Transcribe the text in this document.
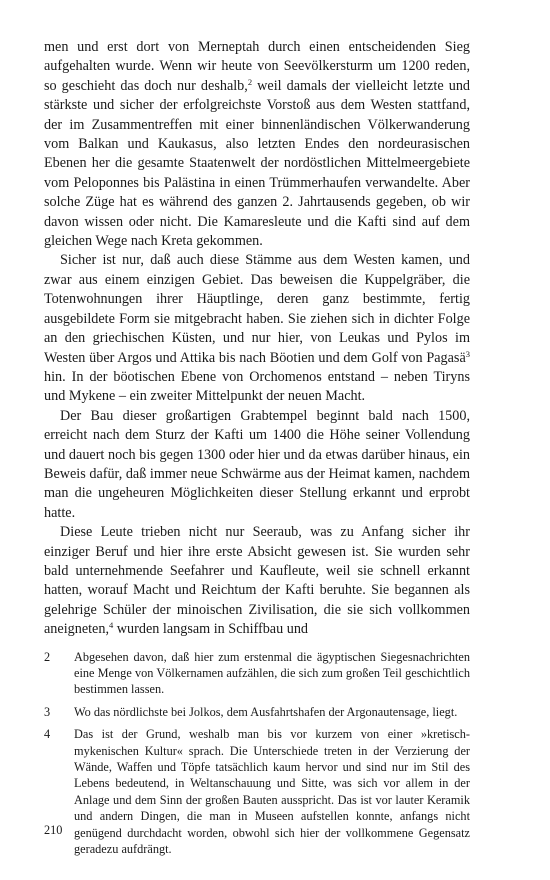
men und erst dort von Merneptah durch einen entscheidenden Sieg aufgehalten wurde. Wenn wir heute von Seevölkersturm um 1200 reden, so geschieht das doch nur deshalb,$^2$ weil damals der vielleicht letzte und stärkste und sicher der erfolgreichste Vorstoß aus dem Westen stattfand, der im Zusammentreffen mit einer binnenländischen Völkerwanderung vom Balkan und Kaukasus, also letzten Endes den nordeurasischen Ebenen her die gesamte Staatenwelt der nordöstlichen Mittelmeergebiete vom Peloponnes bis Palästina in einen Trümmerhaufen verwandelte. Aber solche Züge hat es während des ganzen 2. Jahrtausends gegeben, ob wir davon wissen oder nicht. Die Kamaresleute und die Kafti sind auf dem gleichen Wege nach Kreta gekommen.

Sicher ist nur, daß auch diese Stämme aus dem Westen kamen, und zwar aus einem einzigen Gebiet. Das beweisen die Kuppelgräber, die Totenwohnungen ihrer Häuptlinge, deren ganz bestimmte, fertig ausgebildete Form sie mitgebracht haben. Sie ziehen sich in dichter Folge an den griechischen Küsten, und nur hier, von Leukas und Pylos im Westen über Argos und Attika bis nach Böotien und dem Golf von Pagasä$^3$ hin. In der böotischen Ebene von Orchomenos entstand – neben Tiryns und Mykene – ein zweiter Mittelpunkt der neuen Macht.

Der Bau dieser großartigen Grabtempel beginnt bald nach 1500, erreicht nach dem Sturz der Kafti um 1400 die Höhe seiner Vollendung und dauert noch bis gegen 1300 oder hier und da etwas darüber hinaus, ein Beweis dafür, daß immer neue Schwärme aus der Heimat kamen, nachdem man die ungeheuren Möglichkeiten dieser Stellung erkannt und erprobt hatte.

Diese Leute trieben nicht nur Seeraub, was zu Anfang sicher ihr einziger Beruf und hier ihre erste Absicht gewesen ist. Sie wurden sehr bald unternehmende Seefahrer und Kaufleute, weil sie schnell erkannt hatten, worauf Macht und Reichtum der Kafti beruhte. Sie begannen als gelehrige Schüler der minoischen Zivilisation, die sie sich vollkommen aneigneten,$^4$ wurden langsam in Schiffbau und

2	Abgesehen davon, daß hier zum erstenmal die ägyptischen Siegesnachrichten eine Menge von Völkernamen aufzählen, die sich zum großen Teil geschichtlich bestimmen lassen.

3	Wo das nördlichste bei Jolkos, dem Ausfahrtshafen der Argonautensage, liegt.

4	Das ist der Grund, weshalb man bis vor kurzem von einer »kretisch-mykenischen Kultur« sprach. Die Unterschiede treten in der Verzierung der Wände, Waffen und Töpfe tatsächlich kaum hervor und sind nur im Stil des Lebens bedeutend, in Weltanschauung und Sitte, was sich vor allem in der Anlage und dem Sinn der großen Bauten ausspricht. Das ist vor lauter Keramik und andern Dingen, die man in Museen aufstellen konnte, anfangs nicht genügend durchdacht worden, obwohl sich hier der vollkommene Gegensatz geradezu aufdrängt.

210
